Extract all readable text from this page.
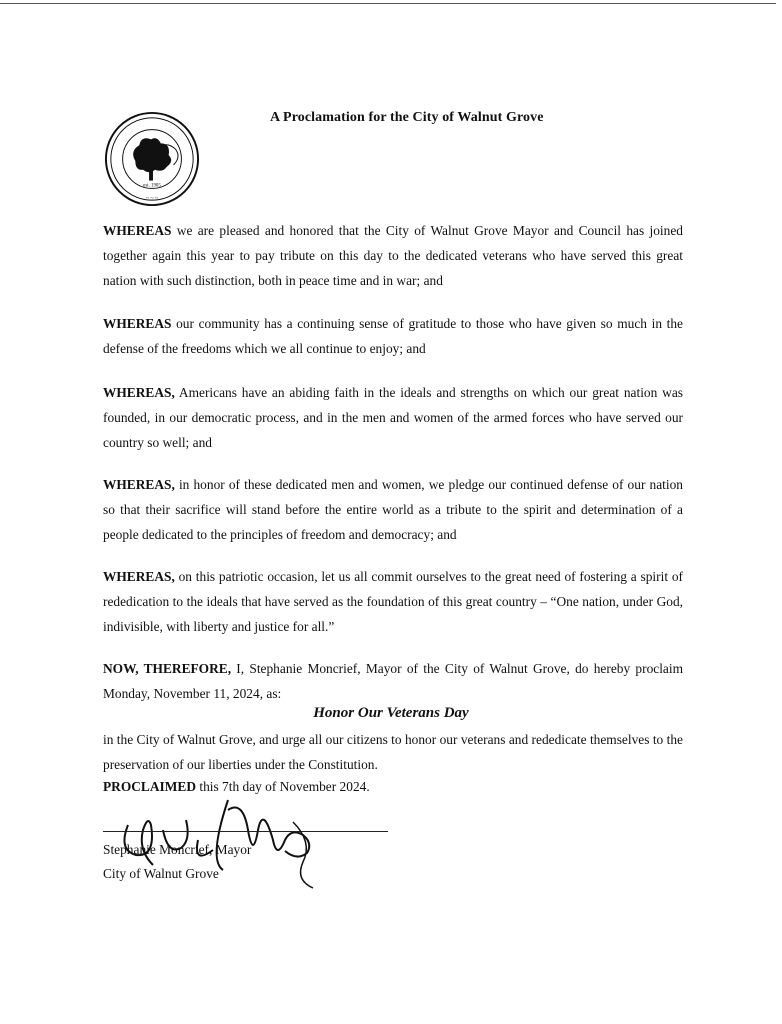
est. 1905
~ ~ ~
A Proclamation for the City of Walnut Grove
WHEREAS we are pleased and honored that the City of Walnut Grove Mayor and Council has joined together again this year to pay tribute on this day to the dedicated veterans who have served this great nation with such distinction, both in peace time and in war; and
WHEREAS our community has a continuing sense of gratitude to those who have given so much in the defense of the freedoms which we all continue to enjoy; and
WHEREAS, Americans have an abiding faith in the ideals and strengths on which our great nation was founded, in our democratic process, and in the men and women of the armed forces who have served our country so well; and
WHEREAS, in honor of these dedicated men and women, we pledge our continued defense of our nation so that their sacrifice will stand before the entire world as a tribute to the spirit and determination of a people dedicated to the principles of freedom and democracy; and
WHEREAS, on this patriotic occasion, let us all commit ourselves to the great need of fostering a spirit of rededication to the ideals that have served as the foundation of this great country – “One nation, under God, indivisible, with liberty and justice for all.”
NOW, THEREFORE, I, Stephanie Moncrief, Mayor of the City of Walnut Grove, do hereby proclaim Monday, November 11, 2024, as:
Honor Our Veterans Day
in the City of Walnut Grove, and urge all our citizens to honor our veterans and rededicate themselves to the preservation of our liberties under the Constitution.
PROCLAIMED this 7th day of November 2024.
Stephanie Moncrief, Mayor
City of Walnut Grove
